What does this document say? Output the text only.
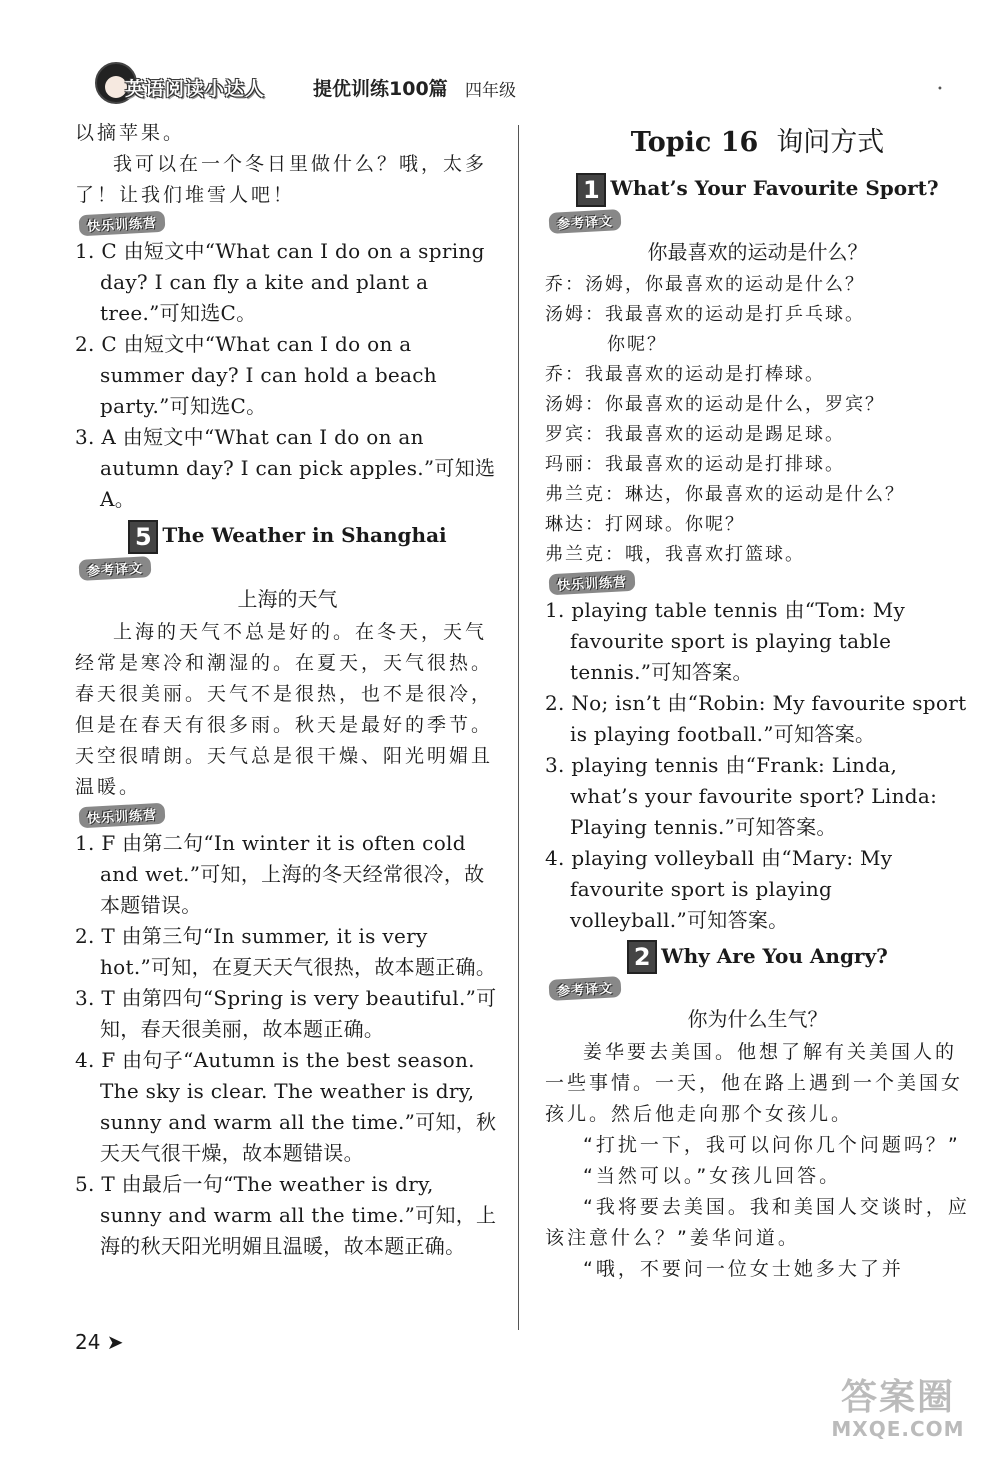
英语阅读小达人	提优训练100篇 四年级	•

以摘苹果。

我可以在一个冬日里做什么？哦，太多了！让我们堆雪人吧！

快乐训练营

1. C 由短文中“What can I do on a spring day? I can fly a kite and plant a tree.”可知选C。

2. C 由短文中“What can I do on a summer day? I can hold a beach party.”可知选C。

3. A 由短文中“What can I do on an autumn day? I can pick apples.”可知选A。

5 The Weather in Shanghai
参考译文

上海的天气

上海的天气不总是好的。在冬天，天气经常是寒冷和潮湿的。在夏天，天气很热。春天很美丽。天气不是很热，也不是很冷，但是在春天有很多雨。秋天是最好的季节。天空很晴朗。天气总是很干燥、阳光明媚且温暖。

快乐训练营

1. F 由第二句“In winter it is often cold and wet.”可知，上海的冬天经常很冷，故本题错误。

2. T 由第三句“In summer, it is very hot.”可知，在夏天天气很热，故本题正确。

3. T 由第四句“Spring is very beautiful.”可知，春天很美丽，故本题正确。

4. F 由句子“Autumn is the best season. The sky is clear. The weather is dry, sunny and warm all the time.”可知，秋天天气很干燥，故本题错误。

5. T 由最后一句“The weather is dry, sunny and warm all the time.”可知，上海的秋天阳光明媚且温暖，故本题正确。

Topic 16 询问方式

1 What’s Your Favourite Sport?
参考译文

你最喜欢的运动是什么？

乔：汤姆，你最喜欢的运动是什么？

汤姆：我最喜欢的运动是打乒乓球。

你呢？

乔：我最喜欢的运动是打棒球。

汤姆：你最喜欢的运动是什么，罗宾？

罗宾：我最喜欢的运动是踢足球。

玛丽：我最喜欢的运动是打排球。

弗兰克：琳达，你最喜欢的运动是什么？

琳达：打网球。你呢？

弗兰克：哦，我喜欢打篮球。

快乐训练营

1. playing table tennis 由“Tom: My favourite sport is playing table tennis.”可知答案。

2. No; isn’t 由“Robin: My favourite sport is playing football.”可知答案。

3. playing tennis 由“Frank: Linda, what’s your favourite sport? Linda: Playing tennis.”可知答案。

4. playing volleyball 由“Mary: My favourite sport is playing volleyball.”可知答案。

2 Why Are You Angry?
参考译文

你为什么生气？

姜华要去美国。他想了解有关美国人的一些事情。一天，他在路上遇到一个美国女孩儿。然后他走向那个女孩儿。

“打扰一下，我可以问你几个问题吗？”

“当然可以。”女孩儿回答。

“我将要去美国。我和美国人交谈时，应该注意什么？”姜华问道。

“哦，不要问一位女士她多大了并

24 ➤
答案圈
MXQE.COM
